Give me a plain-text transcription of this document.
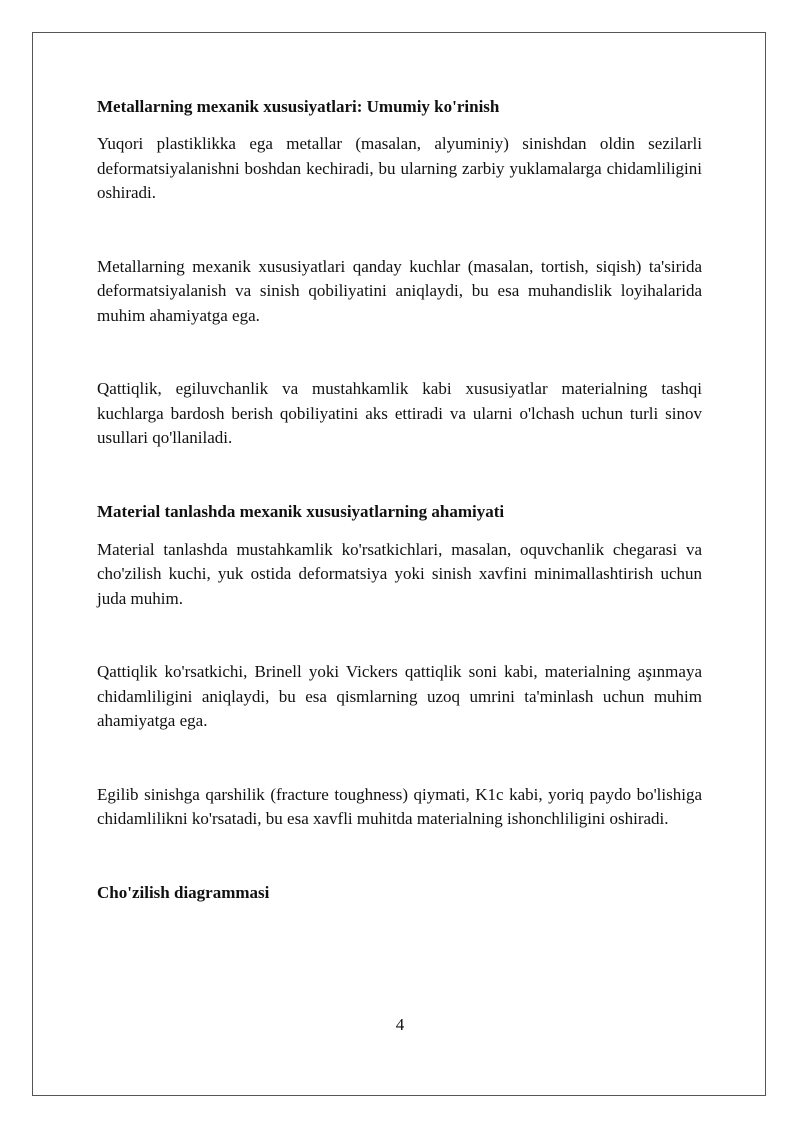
Metallarning mexanik xususiyatlari: Umumiy ko'rinish

Yuqori plastiklikka ega metallar (masalan, alyuminiy) sinishdan oldin sezilarli deformatsiyalanishni boshdan kechiradi, bu ularning zarbiy yuklamalarga chidamliligini oshiradi.

Metallarning mexanik xususiyatlari qanday kuchlar (masalan, tortish, siqish) ta'sirida deformatsiyalanish va sinish qobiliyatini aniqlaydi, bu esa muhandislik loyihalarida muhim ahamiyatga ega.

Qattiqlik, egiluvchanlik va mustahkamlik kabi xususiyatlar materialning tashqi kuchlarga bardosh berish qobiliyatini aks ettiradi va ularni o'lchash uchun turli sinov usullari qo'llaniladi.

Material tanlashda mexanik xususiyatlarning ahamiyati

Material tanlashda mustahkamlik ko'rsatkichlari, masalan, oquvchanlik chegarasi va cho'zilish kuchi, yuk ostida deformatsiya yoki sinish xavfini minimallashtirish uchun juda muhim.

Qattiqlik ko'rsatkichi, Brinell yoki Vickers qattiqlik soni kabi, materialning aşınmaya chidamliligini aniqlaydi, bu esa qismlarning uzoq umrini ta'minlash uchun muhim ahamiyatga ega.

Egilib sinishga qarshilik (fracture toughness) qiymati, K1c kabi, yoriq paydo bo'lishiga chidamlilikni ko'rsatadi, bu esa xavfli muhitda materialning ishonchliligini oshiradi.

Cho'zilish diagrammasi

4
